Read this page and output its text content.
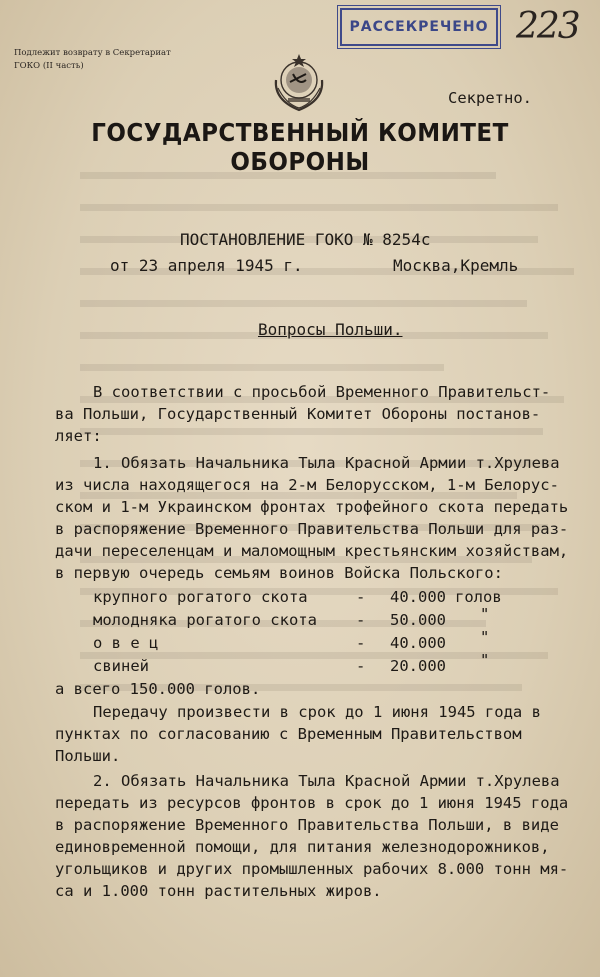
РАССЕКРЕЧЕНО 223
Подлежит возврату в Секретариат
ГОКО (II часть)
Секретно.
ГОСУДАРСТВЕННЫЙ КОМИТЕТ ОБОРОНЫ
ПОСТАНОВЛЕНИЕ ГОКО № 8254с
от 23 апреля 1945 г.	Москва,Кремль
Вопросы Польши.
В соответствии с просьбой Временного Правительст-
ва Польши, Государственный Комитет Обороны постанов-
ляет:
1. Обязать Начальника Тыла Красной Армии т.Хрулева
из числа находящегося на 2-м Белорусском, 1-м Белорус-
ском и 1-м Украинском фронтах трофейного скота передать
в распоряжение Временного Правительства Польши для раз-
дачи переселенцам и маломощным крестьянским хозяйствам,
в первую очередь семьям воинов Войска Польского:
крупного рогатого скота	- 40.000 голов
молодняка рогатого скота	- 50.000 "
о в е ц	- 40.000 "
свиней	- 20.000 "
а всего 150.000 голов.
Передачу произвести в срок до 1 июня 1945 года в
пунктах по согласованию с Временным Правительством
Польши.
2. Обязать Начальника Тыла Красной Армии т.Хрулева
передать из ресурсов фронтов в срок до 1 июня 1945 года
в распоряжение Временного Правительства Польши, в виде
единовременной помощи, для питания железнодорожников,
угольщиков и других промышленных рабочих 8.000 тонн мя-
са и 1.000 тонн растительных жиров.
